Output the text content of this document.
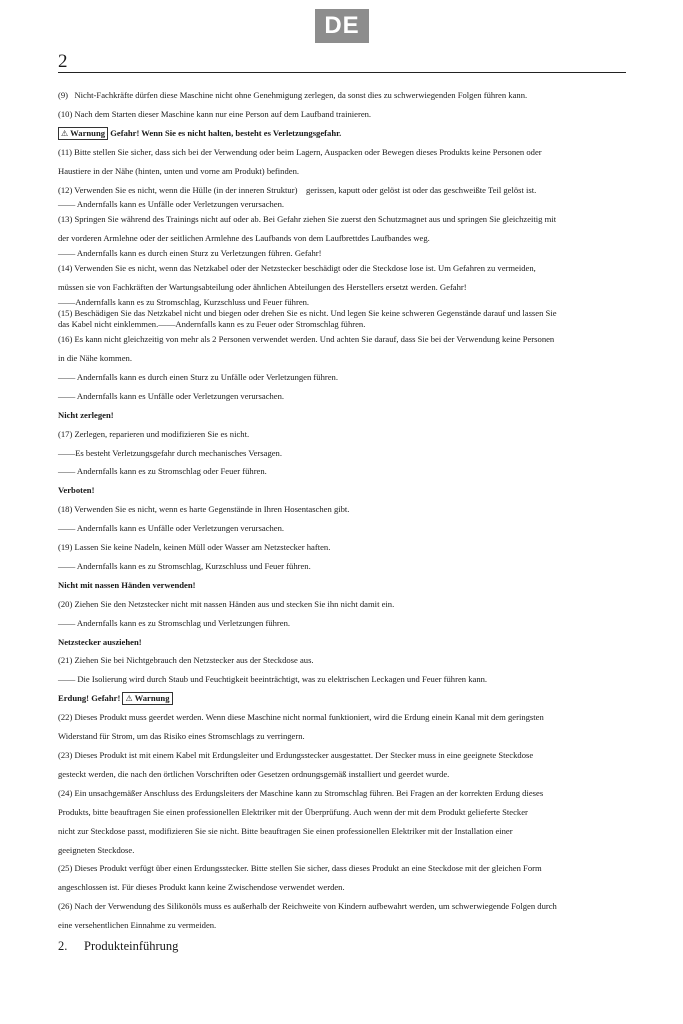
DE
2

(9)  Nicht-Fachkräfte dürfen diese Maschine nicht ohne Genehmigung zerlegen, da sonst dies zu schwerwiegenden Folgen führen kann.

(10) Nach dem Starten dieser Maschine kann nur eine Person auf dem Laufband trainieren.

⚠ Warnung Gefahr! Wenn Sie es nicht halten, besteht es Verletzungsgefahr.

(11) Bitte stellen Sie sicher, dass sich bei der Verwendung oder beim Lagern, Auspacken oder Bewegen dieses Produkts keine Personen oder

Haustiere in der Nähe (hinten, unten und vorne am Produkt) befinden.

(12) Verwenden Sie es nicht, wenn die Hülle (in der inneren Struktur) gerissen, kaputt oder gelöst ist oder das geschweißte Teil gelöst ist.

—— Andernfalls kann es Unfälle oder Verletzungen verursachen.

(13) Springen Sie während des Trainings nicht auf oder ab. Bei Gefahr ziehen Sie zuerst den Schutzmagnet aus und springen Sie gleichzeitig mit

der vorderen Armlehne oder der seitlichen Armlehne des Laufbands von dem Laufbrettdes Laufbandes weg.

—— Andernfalls kann es durch einen Sturz zu Verletzungen führen. Gefahr!

(14) Verwenden Sie es nicht, wenn das Netzkabel oder der Netzstecker beschädigt oder die Steckdose lose ist. Um Gefahren zu vermeiden,

müssen sie von Fachkräften der Wartungsabteilung oder ähnlichen Abteilungen des Herstellers ersetzt werden. Gefahr!

——Andernfalls kann es zu Stromschlag, Kurzschluss und Feuer führen.

(15) Beschädigen Sie das Netzkabel nicht und biegen oder drehen Sie es nicht. Und legen Sie keine schweren Gegenstände darauf und lassen Sie

das Kabel nicht einklemmen.——Andernfalls kann es zu Feuer oder Stromschlag führen.

(16) Es kann nicht gleichzeitig von mehr als 2 Personen verwendet werden. Und achten Sie darauf, dass Sie bei der Verwendung keine Personen

in die Nähe kommen.

—— Andernfalls kann es durch einen Sturz zu Unfälle oder Verletzungen führen.

—— Andernfalls kann es Unfälle oder Verletzungen verursachen.

Nicht zerlegen!

(17) Zerlegen, reparieren und modifizieren Sie es nicht.

——Es besteht Verletzungsgefahr durch mechanisches Versagen.

—— Andernfalls kann es zu Stromschlag oder Feuer führen.

Verboten!

(18) Verwenden Sie es nicht, wenn es harte Gegenstände in Ihren Hosentaschen gibt.

—— Andernfalls kann es Unfälle oder Verletzungen verursachen.

(19) Lassen Sie keine Nadeln, keinen Müll oder Wasser am Netzstecker haften.

—— Andernfalls kann es zu Stromschlag, Kurzschluss und Feuer führen.

Nicht mit nassen Händen verwenden!

(20) Ziehen Sie den Netzstecker nicht mit nassen Händen aus und stecken Sie ihn nicht damit ein.

—— Andernfalls kann es zu Stromschlag und Verletzungen führen.

Netzstecker ausziehen!

(21) Ziehen Sie bei Nichtgebrauch den Netzstecker aus der Steckdose aus.

—— Die Isolierung wird durch Staub und Feuchtigkeit beeinträchtigt, was zu elektrischen Leckagen und Feuer führen kann.

Erdung! Gefahr! ⚠ Warnung

(22) Dieses Produkt muss geerdet werden. Wenn diese Maschine nicht normal funktioniert, wird die Erdung einein Kanal mit dem geringsten

Widerstand für Strom, um das Risiko eines Stromschlags zu verringern.

(23) Dieses Produkt ist mit einem Kabel mit Erdungsleiter und Erdungsstecker ausgestattet. Der Stecker muss in eine geeignete Steckdose

gesteckt werden, die nach den örtlichen Vorschriften oder Gesetzen ordnungsgemäß installiert und geerdet wurde.

(24) Ein unsachgemäßer Anschluss des Erdungsleiters der Maschine kann zu Stromschlag führen. Bei Fragen an der korrekten Erdung dieses

Produkts, bitte beauftragen Sie einen professionellen Elektriker mit der Überprüfung. Auch wenn der mit dem Produkt gelieferte Stecker

nicht zur Steckdose passt, modifizieren Sie sie nicht. Bitte beauftragen Sie einen professionellen Elektriker mit der Installation einer

geeigneten Steckdose.

(25) Dieses Produkt verfügt über einen Erdungsstecker. Bitte stellen Sie sicher, dass dieses Produkt an eine Steckdose mit der gleichen Form

angeschlossen ist. Für dieses Produkt kann keine Zwischendose verwendet werden.

(26) Nach der Verwendung des Silikonöls muss es außerhalb der Reichweite von Kindern aufbewahrt werden, um schwerwiegende Folgen durch

eine versehentlichen Einnahme zu vermeiden.

2. Produkteinführung
